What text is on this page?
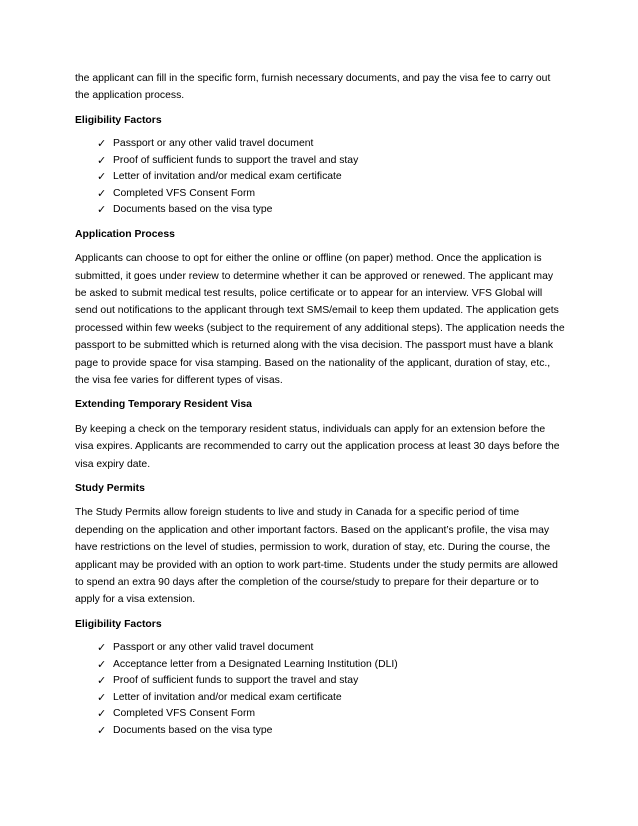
the applicant can fill in the specific form, furnish necessary documents, and pay the visa fee to carry out the application process.

Eligibility Factors
✓ Passport or any other valid travel document
✓ Proof of sufficient funds to support the travel and stay
✓ Letter of invitation and/or medical exam certificate
✓ Completed VFS Consent Form
✓ Documents based on the visa type
Application Process

Applicants can choose to opt for either the online or offline (on paper) method. Once the application is submitted, it goes under review to determine whether it can be approved or renewed. The applicant may be asked to submit medical test results, police certificate or to appear for an interview. VFS Global will send out notifications to the applicant through text SMS/email to keep them updated. The application gets processed within few weeks (subject to the requirement of any additional steps). The application needs the passport to be submitted which is returned along with the visa decision. The passport must have a blank page to provide space for visa stamping. Based on the nationality of the applicant, duration of stay, etc., the visa fee varies for different types of visas.

Extending Temporary Resident Visa

By keeping a check on the temporary resident status, individuals can apply for an extension before the visa expires. Applicants are recommended to carry out the application process at least 30 days before the visa expiry date.

Study Permits

The Study Permits allow foreign students to live and study in Canada for a specific period of time depending on the application and other important factors. Based on the applicant’s profile, the visa may have restrictions on the level of studies, permission to work, duration of stay, etc. During the course, the applicant may be provided with an option to work part-time. Students under the study permits are allowed to spend an extra 90 days after the completion of the course/study to prepare for their departure or to apply for a visa extension.

Eligibility Factors
✓ Passport or any other valid travel document
✓ Acceptance letter from a Designated Learning Institution (DLI)
✓ Proof of sufficient funds to support the travel and stay
✓ Letter of invitation and/or medical exam certificate
✓ Completed VFS Consent Form
✓ Documents based on the visa type
